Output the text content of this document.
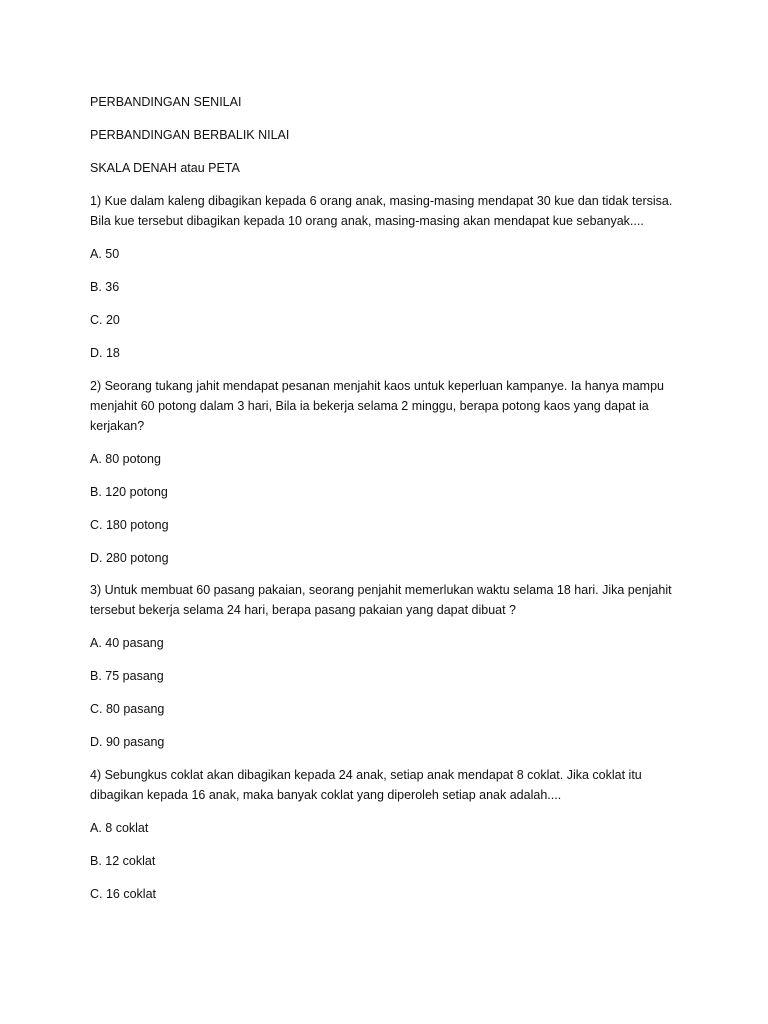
PERBANDINGAN SENILAI

PERBANDINGAN BERBALIK NILAI

SKALA DENAH atau PETA

1) Kue dalam kaleng dibagikan kepada 6 orang anak, masing-masing mendapat 30 kue dan tidak tersisa.

Bila kue tersebut dibagikan kepada 10 orang anak, masing-masing akan mendapat kue sebanyak....

A. 50

B. 36

C. 20

D. 18

2) Seorang tukang jahit mendapat pesanan menjahit kaos untuk keperluan kampanye. Ia hanya mampu

menjahit 60 potong dalam 3 hari, Bila ia bekerja selama 2 minggu, berapa potong kaos yang dapat ia

kerjakan?

A. 80 potong

B. 120 potong

C. 180 potong

D. 280 potong

3) Untuk membuat 60 pasang pakaian, seorang penjahit memerlukan waktu selama 18 hari. Jika penjahit

tersebut bekerja selama 24 hari, berapa pasang pakaian yang dapat dibuat ?

A. 40 pasang

B. 75 pasang

C. 80 pasang

D. 90 pasang

4) Sebungkus coklat akan dibagikan kepada 24 anak, setiap anak mendapat 8 coklat. Jika coklat itu

dibagikan kepada 16 anak, maka banyak coklat yang diperoleh setiap anak adalah....

A. 8 coklat

B. 12 coklat

C. 16 coklat
